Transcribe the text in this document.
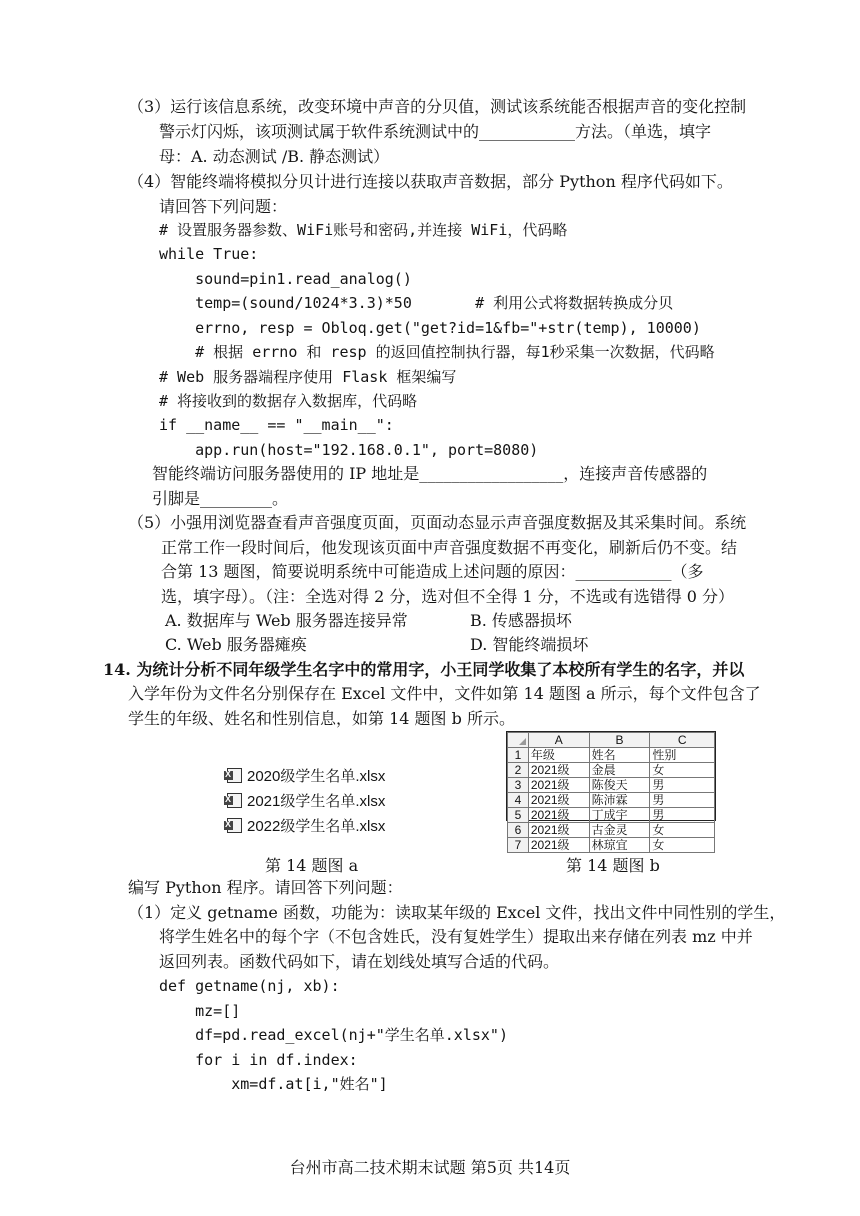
（3）运行该信息系统，改变环境中声音的分贝值，测试该系统能否根据声音的变化控制
警示灯闪烁，该项测试属于软件系统测试中的____________方法。（单选，填字
母：A. 动态测试 /B. 静态测试）
（4）智能终端将模拟分贝计进行连接以获取声音数据，部分 Python 程序代码如下。
请回答下列问题：
# 设置服务器参数、WiFi账号和密码,并连接 WiFi，代码略
while True:
sound=pin1.read_analog()
temp=(sound/1024*3.3)*50       # 利用公式将数据转换成分贝
errno, resp = Obloq.get("get?id=1&fb="+str(temp), 10000)
# 根据 errno 和 resp 的返回值控制执行器，每1秒采集一次数据，代码略
# Web 服务器端程序使用 Flask 框架编写
# 将接收到的数据存入数据库，代码略
if __name__ == "__main__":
app.run(host="192.168.0.1", port=8080)
智能终端访问服务器使用的 IP 地址是__________________，连接声音传感器的
引脚是_________。
（5）小强用浏览器查看声音强度页面，页面动态显示声音强度数据及其采集时间。系统
正常工作一段时间后，他发现该页面中声音强度数据不再变化，刷新后仍不变。结
合第 13 题图，简要说明系统中可能造成上述问题的原因：____________（多
选，填字母）。（注：全选对得 2 分，选对但不全得 1 分，不选或有选错得 0 分）
A. 数据库与 Web 服务器连接异常	B. 传感器损坏
C. Web 服务器瘫痪	D. 智能终端损坏
14. 为统计分析不同年级学生名字中的常用字，小王同学收集了本校所有学生的名字，并以
入学年份为文件名分别保存在 Excel 文件中，文件如第 14 题图 a 所示，每个文件包含了
学生的年级、姓名和性别信息，如第 14 题图 b 所示。
X
2020级学生名单.xlsx
X
2021级学生名单.xlsx
X
2022级学生名单.xlsx
第 14 题图 a
	A	B	C
1	年级	姓名	性别
2	2021级	金晨	女
3	2021级	陈俊天	男
4	2021级	陈沛霖	男
5	2021级	丁成宇	男
6	2021级	古金灵	女
7	2021级	林琼宜	女
第 14 题图 b
编写 Python 程序。请回答下列问题：
（1）定义 getname 函数，功能为：读取某年级的 Excel 文件，找出文件中同性别的学生，
将学生姓名中的每个字（不包含姓氏，没有复姓学生）提取出来存储在列表 mz 中并
返回列表。函数代码如下，请在划线处填写合适的代码。
def getname(nj, xb):
mz=[]
df=pd.read_excel(nj+"学生名单.xlsx")
for i in df.index:
xm=df.at[i,"姓名"]
台州市高二技术期末试题 第5页 共14页
